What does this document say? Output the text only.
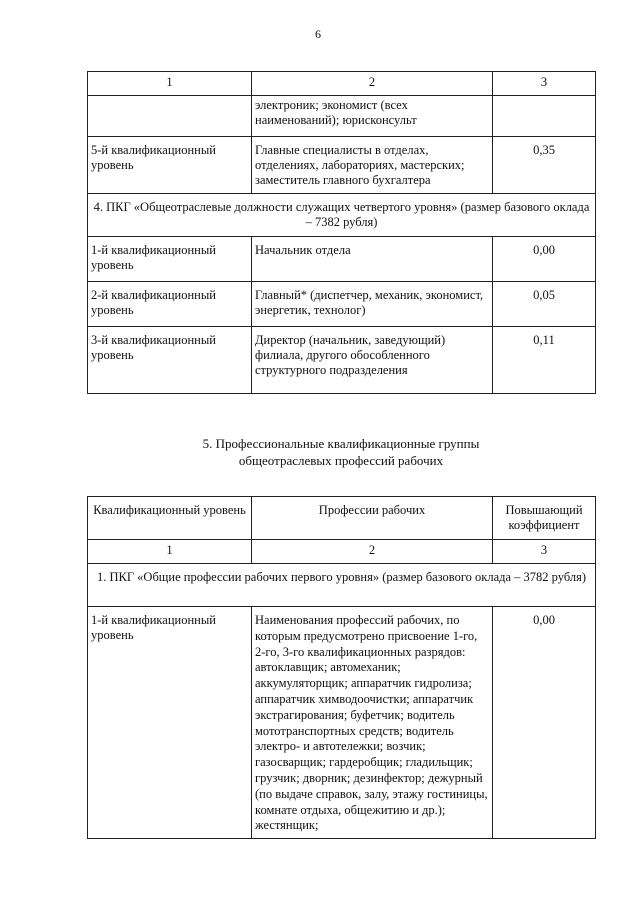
6
1	2	3
	электроник; экономист (всех наименований); юрисконсульт	
5-й квалификационный уровень	Главные специалисты в отделах, отделениях, лабораториях, мастерских; заместитель главного бухгалтера	0,35
4. ПКГ «Общеотраслевые должности служащих четвертого уровня» (размер базового оклада – 7382 рубля)		
1-й квалификационный уровень	Начальник отдела	0,00
2-й квалификационный уровень	Главный* (диспетчер, механик, экономист, энергетик, технолог)	0,05
3-й квалификационный уровень	Директор (начальник, заведующий) филиала, другого обособленного структурного подразделения	0,11
5. Профессиональные квалификационные группы
общеотраслевых профессий рабочих
Квалификационный уровень	Профессии рабочих	Повышающий коэффициент
1	2	3
1. ПКГ «Общие профессии рабочих первого уровня» (размер базового оклада – 3782 рубля)		
1-й квалификационный уровень	Наименования профессий рабочих, по которым предусмотрено присвоение 1-го, 2-го, 3-го квалификационных разрядов: автоклавщик; автомеханик; аккумуляторщик; аппаратчик гидролиза; аппаратчик химводоочистки; аппаратчик экстрагирования; буфетчик; водитель мототранспортных средств; водитель электро- и автотележки; возчик; газосварщик; гардеробщик; гладильщик; грузчик; дворник; дезинфектор; дежурный (по выдаче справок, залу, этажу гостиницы, комнате отдыха, общежитию и др.); жестянщик;	0,00
